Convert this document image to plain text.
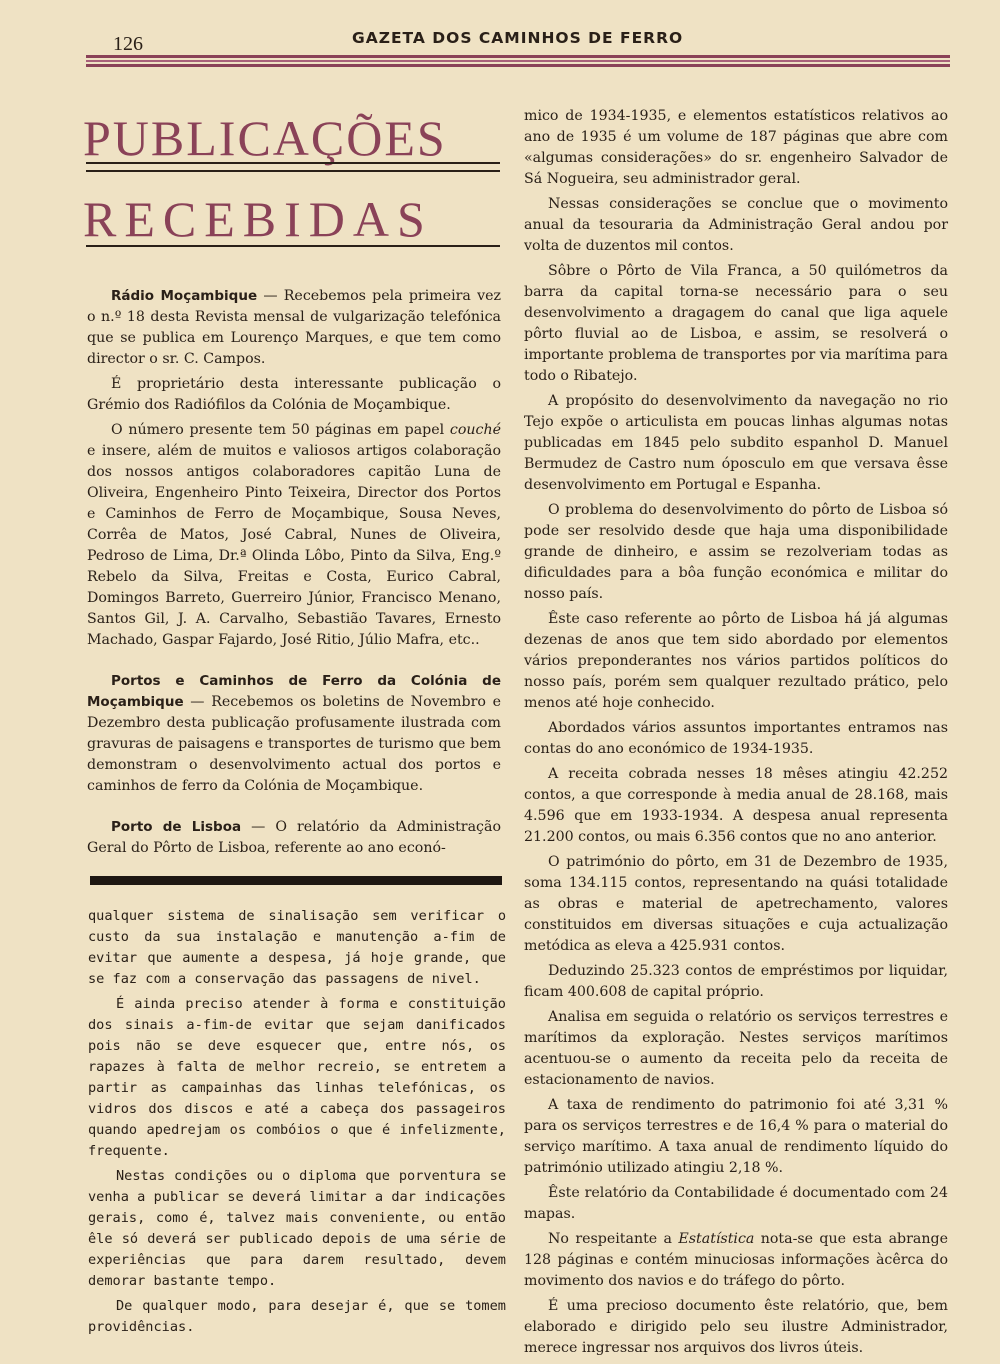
126	GAZETA DOS CAMINHOS DE FERRO
PUBLICAÇÕES
RECEBIDAS

Rádio Moçambique — Recebemos pela primeira vez o n.º 18 desta Revista mensal de vulgarização telefónica que se publica em Lourenço Marques, e que tem como director o sr. C. Campos.

É proprietário desta interessante publicação o Grémio dos Radiófilos da Colónia de Moçambique.

O número presente tem 50 páginas em papel couché e insere, além de muitos e valiosos artigos colaboração dos nossos antigos colaboradores capitão Luna de Oliveira, Engenheiro Pinto Teixeira, Director dos Portos e Caminhos de Ferro de Moçambique, Sousa Neves, Corrêa de Matos, José Cabral, Nunes de Oliveira, Pedroso de Lima, Dr.ª Olinda Lôbo, Pinto da Silva, Eng.º Rebelo da Silva, Freitas e Costa, Eurico Cabral, Domingos Barreto, Guerreiro Júnior, Francisco Menano, Santos Gil, J. A. Carvalho, Sebastião Tavares, Ernesto Machado, Gaspar Fajardo, José Ritio, Júlio Mafra, etc..

Portos e Caminhos de Ferro da Colónia de Moçambique — Recebemos os boletins de Novembro e Dezembro desta publicação profusamente ilustrada com gravuras de paisagens e transportes de turismo que bem demonstram o desenvolvimento actual dos portos e caminhos de ferro da Colónia de Moçambique.

Porto de Lisboa — O relatório da Administração Geral do Pôrto de Lisboa, referente ao ano econó-

qualquer sistema de sinalisação sem verificar o custo da sua instalação e manutenção a-fim de evitar que aumente a despesa, já hoje grande, que se faz com a conservação das passagens de nivel.

É ainda preciso atender à forma e constituição dos sinais a-fim-de evitar que sejam danificados pois não se deve esquecer que, entre nós, os rapazes à falta de melhor recreio, se entretem a partir as campainhas das linhas telefónicas, os vidros dos discos e até a cabeça dos passageiros quando apedrejam os combóios o que é infelizmente, frequente.

Nestas condições ou o diploma que porventura se venha a publicar se deverá limitar a dar indicações gerais, como é, talvez mais conveniente, ou então êle só deverá ser publicado depois de uma série de experiências que para darem resultado, devem demorar bastante tempo.

De qualquer modo, para desejar é, que se tomem providências.

mico de 1934-1935, e elementos estatísticos relativos ao ano de 1935 é um volume de 187 páginas que abre com «algumas considerações» do sr. engenheiro Salvador de Sá Nogueira, seu administrador geral.

Nessas considerações se conclue que o movimento anual da tesouraria da Administração Geral andou por volta de duzentos mil contos.

Sôbre o Pôrto de Vila Franca, a 50 quilómetros da barra da capital torna-se necessário para o seu desenvolvimento a dragagem do canal que liga aquele pôrto fluvial ao de Lisboa, e assim, se resolverá o importante problema de transportes por via marítima para todo o Ribatejo.

A propósito do desenvolvimento da navegação no rio Tejo expõe o articulista em poucas linhas algumas notas publicadas em 1845 pelo subdito espanhol D. Manuel Bermudez de Castro num óposculo em que versava êsse desenvolvimento em Portugal e Espanha.

O problema do desenvolvimento do pôrto de Lisboa só pode ser resolvido desde que haja uma disponibilidade grande de dinheiro, e assim se rezolveriam todas as dificuldades para a bôa função económica e militar do nosso país.

Êste caso referente ao pôrto de Lisboa há já algumas dezenas de anos que tem sido abordado por elementos vários preponderantes nos vários partidos políticos do nosso país, porém sem qualquer rezultado prático, pelo menos até hoje conhecido.

Abordados vários assuntos importantes entramos nas contas do ano económico de 1934-1935.

A receita cobrada nesses 18 mêses atingiu 42.252 contos, a que corresponde à media anual de 28.168, mais 4.596 que em 1933-1934. A despesa anual representa 21.200 contos, ou mais 6.356 contos que no ano anterior.

O património do pôrto, em 31 de Dezembro de 1935, soma 134.115 contos, representando na quási totalidade as obras e material de apetrechamento, valores constituidos em diversas situações e cuja actualização metódica as eleva a 425.931 contos.

Deduzindo 25.323 contos de empréstimos por liquidar, ficam 400.608 de capital próprio.

Analisa em seguida o relatório os serviços terrestres e marítimos da exploração. Nestes serviços marítimos acentuou-se o aumento da receita pelo da receita de estacionamento de navios.

A taxa de rendimento do patrimonio foi até 3,31 % para os serviços terrestres e de 16,4 % para o material do serviço marítimo. A taxa anual de rendimento líquido do património utilizado atingiu 2,18 %.

Êste relatório da Contabilidade é documentado com 24 mapas.

No respeitante a Estatística nota-se que esta abrange 128 páginas e contém minuciosas informações àcêrca do movimento dos navios e do tráfego do pôrto.

É uma precioso documento êste relatório, que, bem elaborado e dirigido pelo seu ilustre Administrador, merece ingressar nos arquivos dos livros úteis.
